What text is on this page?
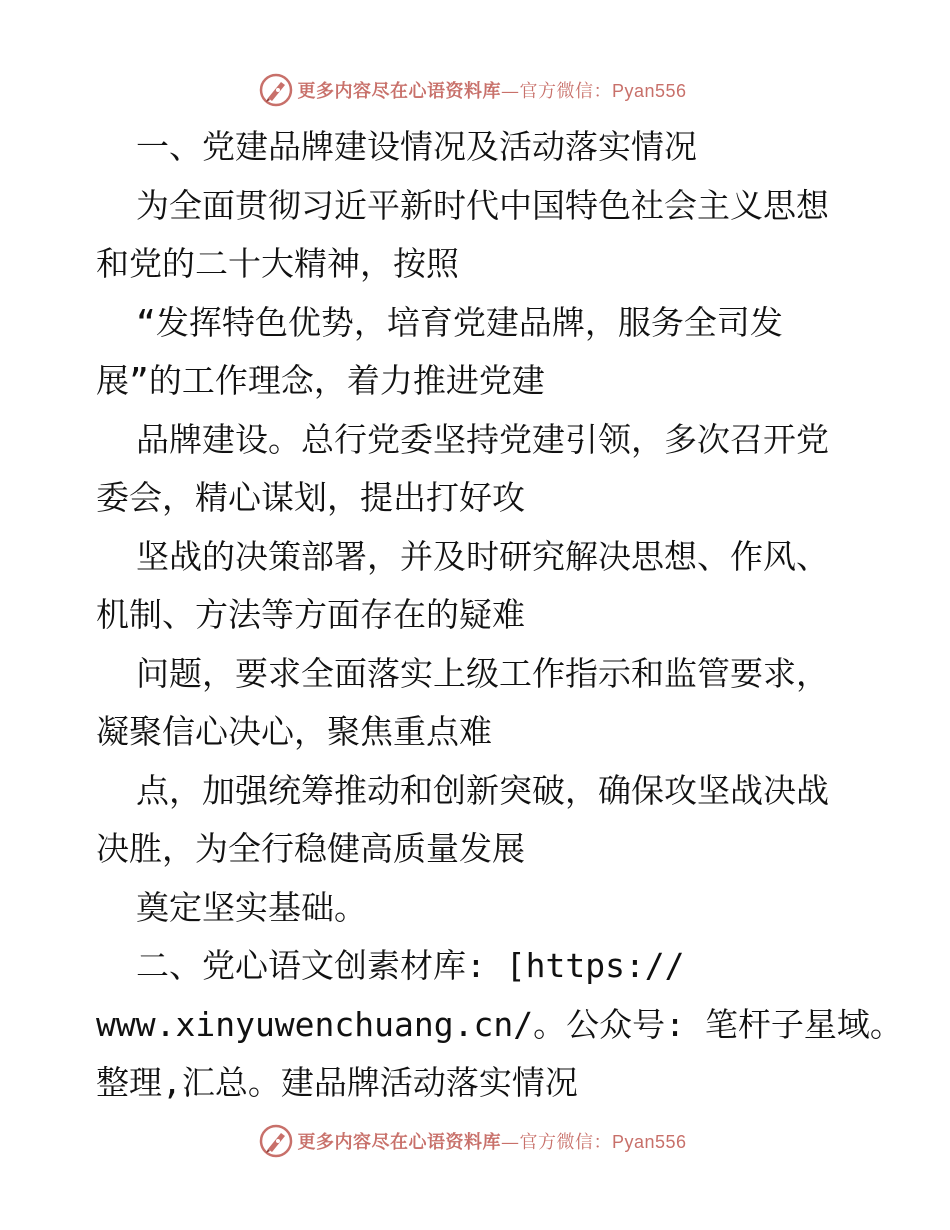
更多内容尽在心语资料库—官方微信：Pyan556
一、党建品牌建设情况及活动落实情况
为全面贯彻习近平新时代中国特色社会主义思想
和党的二十大精神，按照
“发挥特色优势，培育党建品牌，服务全司发
展”的工作理念，着力推进党建
品牌建设。总行党委坚持党建引领，多次召开党
委会，精心谋划，提出打好攻
坚战的决策部署，并及时研究解决思想、作风、
机制、方法等方面存在的疑难
问题，要求全面落实上级工作指示和监管要求，
凝聚信心决心，聚焦重点难
点，加强统筹推动和创新突破，确保攻坚战决战
决胜，为全行稳健高质量发展
奠定坚实基础。
二、党心语文创素材库: [https://
www.xinyuwenchuang.cn/。公众号: 笔杆子星域。
整理,汇总。建品牌活动落实情况
更多内容尽在心语资料库—官方微信：Pyan556
